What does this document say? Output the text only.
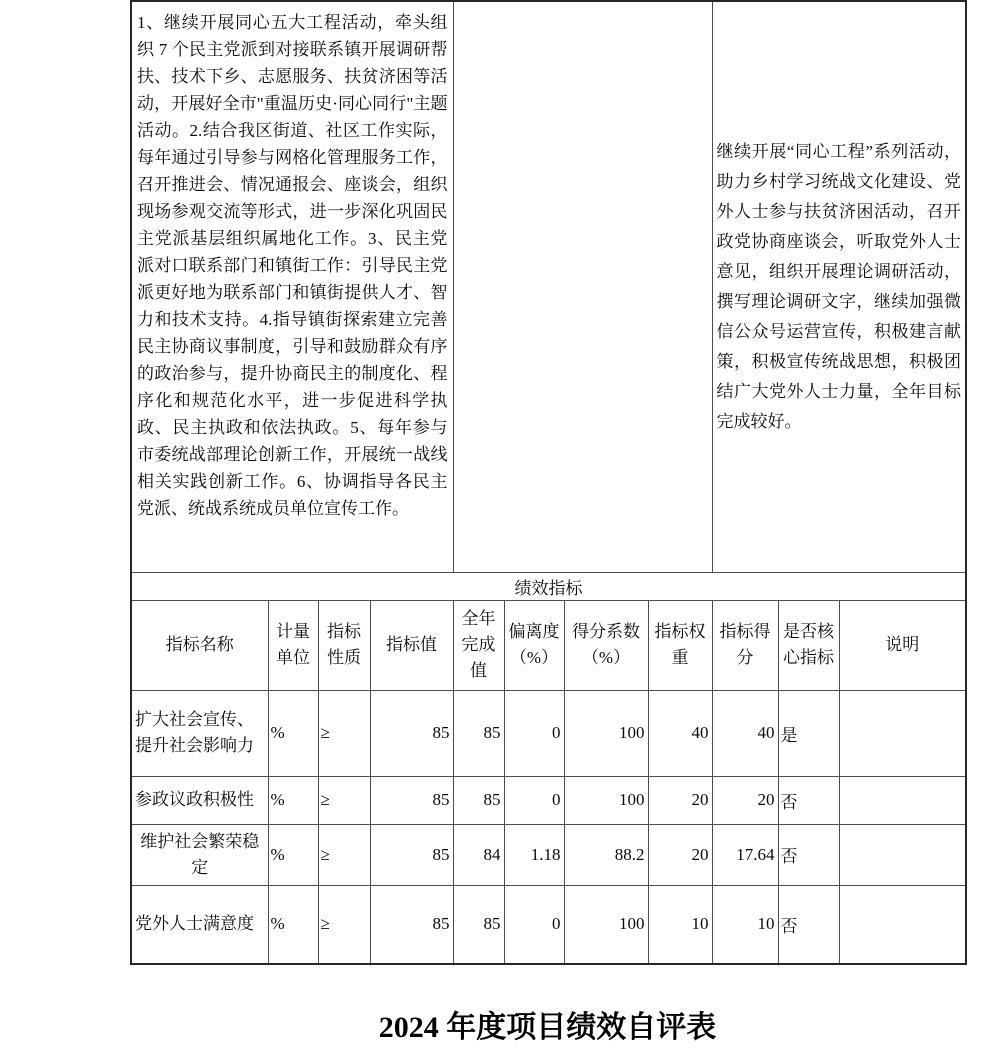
1、继续开展同心五大工程活动，牵头组织 7 个民主党派到对接联系镇开展调研帮扶、技术下乡、志愿服务、扶贫济困等活动，开展好全市"重温历史·同心同行"主题活动。2.结合我区街道、社区工作实际，每年通过引导参与网格化管理服务工作，召开推进会、情况通报会、座谈会，组织现场参观交流等形式，进一步深化巩固民主党派基层组织属地化工作。3、民主党派对口联系部门和镇街工作：引导民主党派更好地为联系部门和镇街提供人才、智力和技术支持。4.指导镇街探索建立完善民主协商议事制度，引导和鼓励群众有序的政治参与，提升协商民主的制度化、程序化和规范化水平，进一步促进科学执政、民主执政和依法执政。5、每年参与市委统战部理论创新工作，开展统一战线相关实践创新工作。6、协调指导各民主党派、统战系统成员单位宣传工作。								继续开展“同心工程”系列活动，助力乡村学习统战文化建设、党外人士参与扶贫济困活动，召开政党协商座谈会，听取党外人士意见，组织开展理论调研活动，撰写理论调研文字，继续加强微信公众号运营宣传，积极建言献策，积极宣传统战思想，积极团结广大党外人士力量，全年目标完成较好。		

绩效指标										
指标名称	计量单位	指标性质	指标值	全年完成值	偏离度（%）	得分系数（%）	指标权重	指标得分	是否核心指标	说明
扩大社会宣传、提升社会影响力	%	≥	85	85	0	100	40	40	是	
参政议政积极性	%	≥	85	85	0	100	20	20	否	
维护社会繁荣稳定	%	≥	85	84	1.18	88.2	20	17.64	否	
党外人士满意度	%	≥	85	85	0	100	10	10	否	
2024 年度项目绩效自评表
